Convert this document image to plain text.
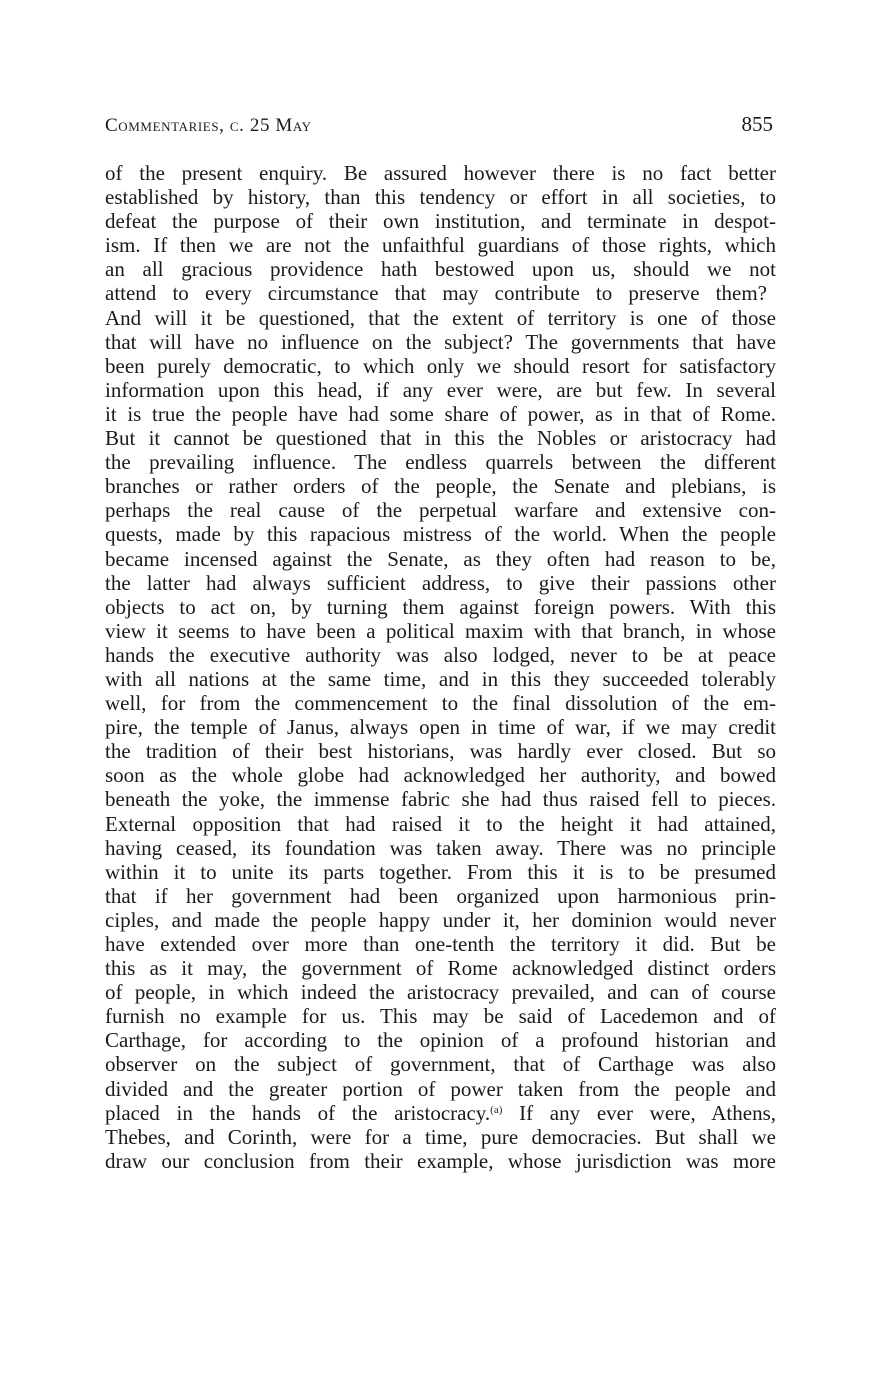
Commentaries, c. 25 May	855
of the present enquiry. Be assured however there is no fact better
established by history, than this tendency or effort in all societies, to
defeat the purpose of their own institution, and terminate in despot-
ism. If then we are not the unfaithful guardians of those rights, which
an all gracious providence hath bestowed upon us, should we not
attend to every circumstance that may contribute to preserve them?
And will it be questioned, that the extent of territory is one of those
that will have no influence on the subject? The governments that have
been purely democratic, to which only we should resort for satisfactory
information upon this head, if any ever were, are but few. In several
it is true the people have had some share of power, as in that of Rome.
But it cannot be questioned that in this the Nobles or aristocracy had
the prevailing influence. The endless quarrels between the different
branches or rather orders of the people, the Senate and plebians, is
perhaps the real cause of the perpetual warfare and extensive con-
quests, made by this rapacious mistress of the world. When the people
became incensed against the Senate, as they often had reason to be,
the latter had always sufficient address, to give their passions other
objects to act on, by turning them against foreign powers. With this
view it seems to have been a political maxim with that branch, in whose
hands the executive authority was also lodged, never to be at peace
with all nations at the same time, and in this they succeeded tolerably
well, for from the commencement to the final dissolution of the em-
pire, the temple of Janus, always open in time of war, if we may credit
the tradition of their best historians, was hardly ever closed. But so
soon as the whole globe had acknowledged her authority, and bowed
beneath the yoke, the immense fabric she had thus raised fell to pieces.
External opposition that had raised it to the height it had attained,
having ceased, its foundation was taken away. There was no principle
within it to unite its parts together. From this it is to be presumed
that if her government had been organized upon harmonious prin-
ciples, and made the people happy under it, her dominion would never
have extended over more than one-tenth the territory it did. But be
this as it may, the government of Rome acknowledged distinct orders
of people, in which indeed the aristocracy prevailed, and can of course
furnish no example for us. This may be said of Lacedemon and of
Carthage, for according to the opinion of a profound historian and
observer on the subject of government, that of Carthage was also
divided and the greater portion of power taken from the people and
placed in the hands of the aristocracy.$^{(a)}$ If any ever were, Athens,
Thebes, and Corinth, were for a time, pure democracies. But shall we
draw our conclusion from their example, whose jurisdiction was more
